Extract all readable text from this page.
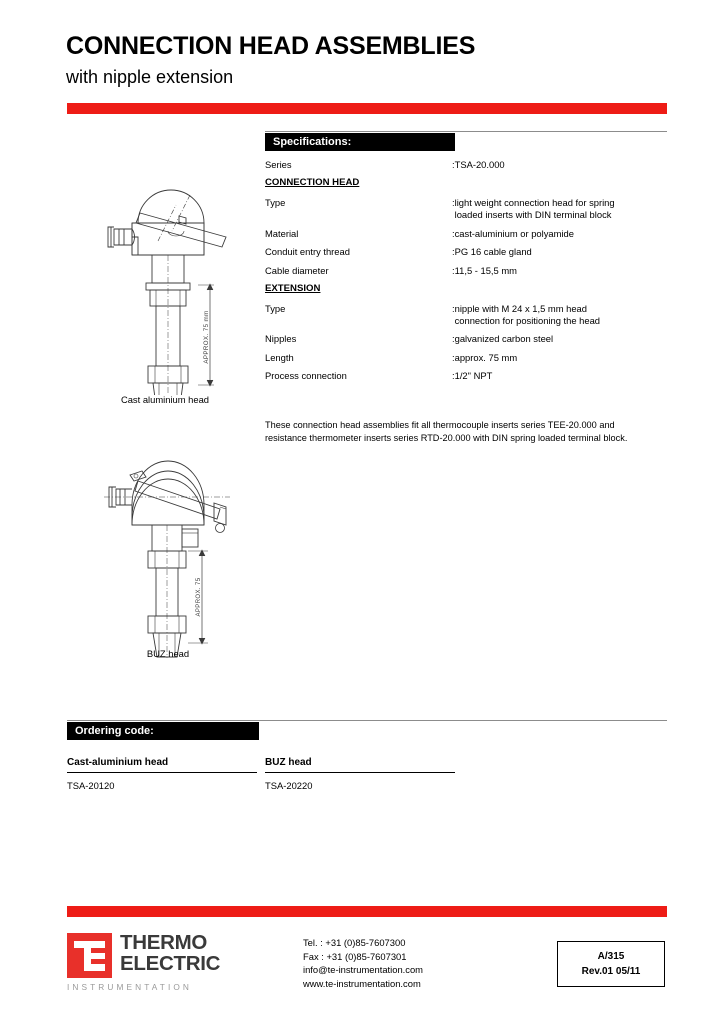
CONNECTION HEAD ASSEMBLIES
with nipple extension
Specifications:
Series	:TSA-20.000
CONNECTION HEAD
Type	:light weight connection head for spring
loaded inserts with DIN terminal block
Material	:cast-aluminium or polyamide
Conduit entry thread	:PG 16 cable gland
Cable diameter	:11,5 - 15,5 mm
EXTENSION
Type	:nipple with M 24 x 1,5 mm head
connection for positioning the head
Nipples	:galvanized carbon steel
Length	:approx. 75 mm
Process connection	:1/2" NPT
These connection head assemblies fit all thermocouple inserts series TEE-20.000 and resistance thermometer inserts series RTD-20.000 with DIN spring loaded terminal block.
APPROX. 75 mm
Cast aluminium head
APPROX. 75
BUZ head
Ordering code:
Cast-aluminium head
TSA-20120
BUZ head
TSA-20220
THERMO
ELECTRIC
INSTRUMENTATION
Tel. : +31 (0)85-7607300
Fax : +31 (0)85-7607301
info@te-instrumentation.com
www.te-instrumentation.com
A/315
Rev.01 05/11
